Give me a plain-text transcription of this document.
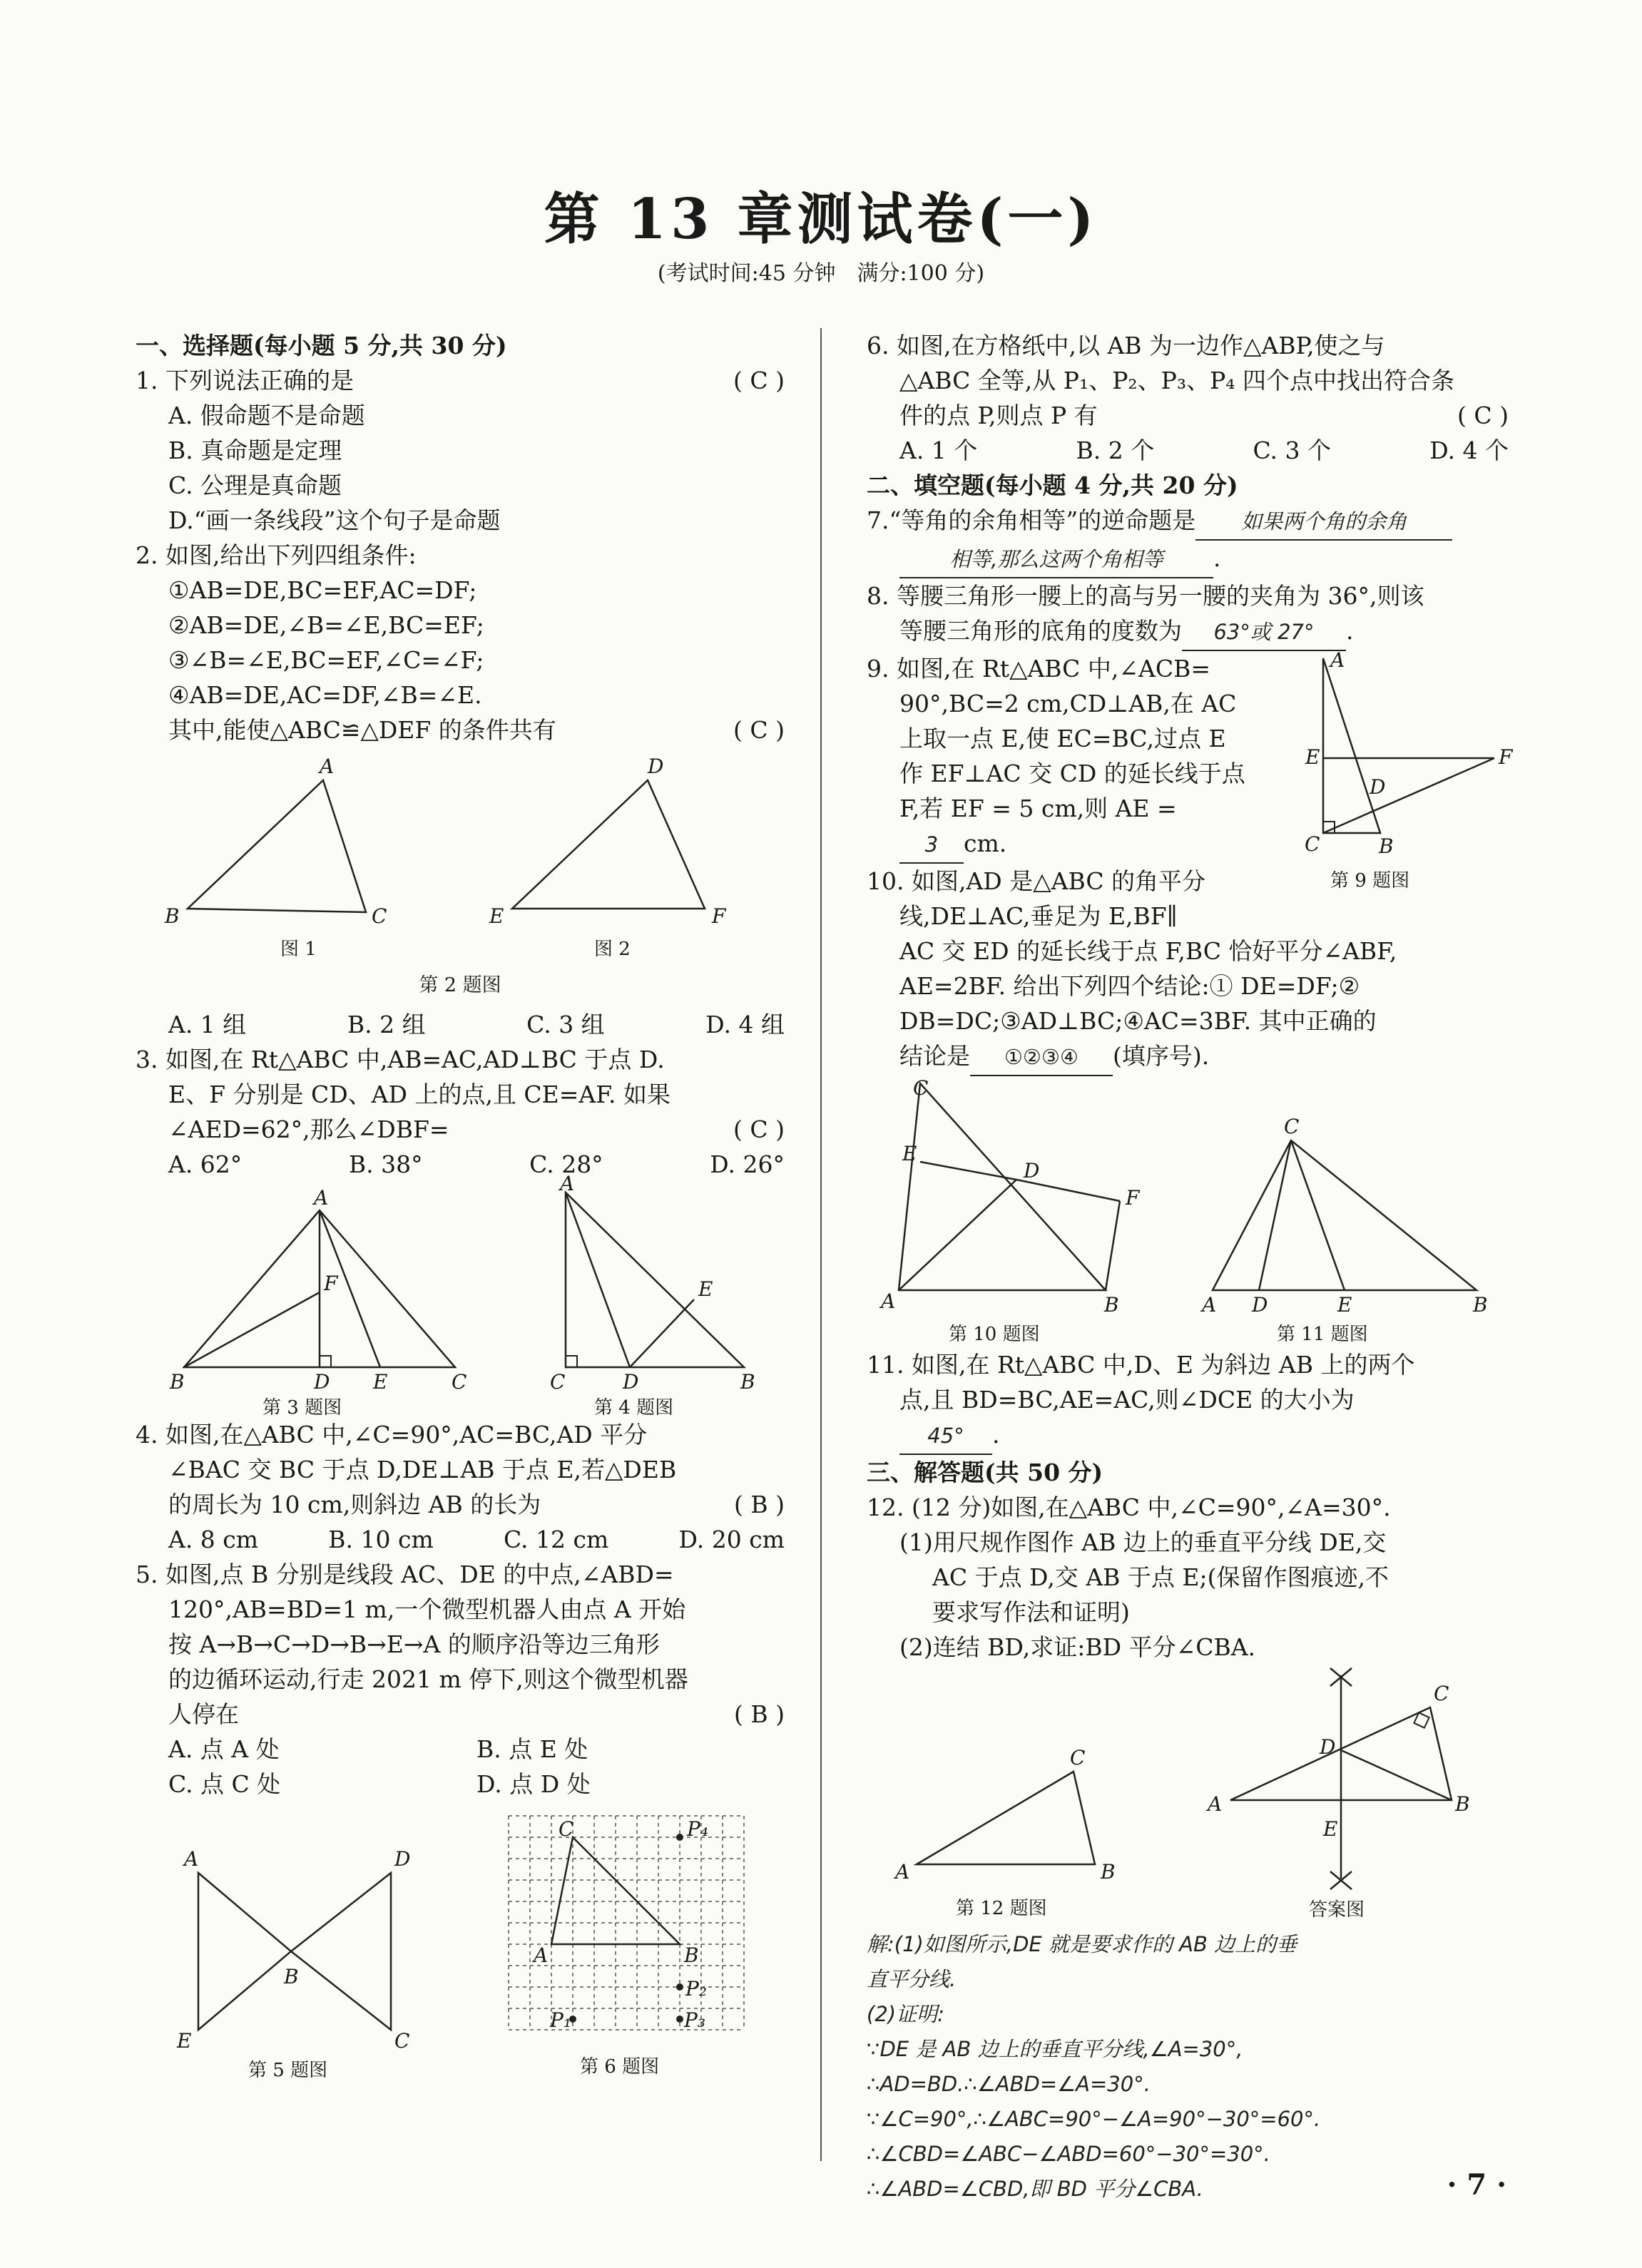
第 13 章测试卷(一)
(考试时间:45 分钟　满分:100 分)
一、选择题(每小题 5 分,共 30 分)
1. 下列说法正确的是	( C )
A. 假命题不是命题
B. 真命题是定理
C. 公理是真命题
D.“画一条线段”这个句子是命题
2. 如图,给出下列四组条件:
①AB=DE,BC=EF,AC=DF;
②AB=DE,∠B=∠E,BC=EF;
③∠B=∠E,BC=EF,∠C=∠F;
④AB=DE,AC=DF,∠B=∠E.
其中,能使△ABC≌△DEF 的条件共有	( C )
B
A
C
图 1
E
D
F
图 2
第 2 题图
A. 1 组	B. 2 组	C. 3 组	D. 4 组
3. 如图,在 Rt△ABC 中,AB=AC,AD⊥BC 于点 D.
E、F 分别是 CD、AD 上的点,且 CE=AF. 如果
∠AED=62°,那么∠DBF=	( C )
A. 62°	B. 38°	C. 28°	D. 26°
A
F
B	D E	C
第 3 题图
A
E
C	D	B
第 4 题图
4. 如图,在△ABC 中,∠C=90°,AC=BC,AD 平分
∠BAC 交 BC 于点 D,DE⊥AB 于点 E,若△DEB
的周长为 10 cm,则斜边 AB 的长为	( B )
A. 8 cm	B. 10 cm	C. 12 cm	D. 20 cm
5. 如图,点 B 分别是线段 AC、DE 的中点,∠ABD=
120°,AB=BD=1 m,一个微型机器人由点 A 开始
按 A→B→C→D→B→E→A 的顺序沿等边三角形
的边循环运动,行走 2021 m 停下,则这个微型机器
人停在	( B )
A. 点 A 处	B. 点 E 处
C. 点 C 处	D. 点 D 处
A	D
B
E	C
第 5 题图
C	P₄
A	B
P₂
P₃
P₁
第 6 题图
6. 如图,在方格纸中,以 AB 为一边作△ABP,使之与
△ABC 全等,从 P₁、P₂、P₃、P₄ 四个点中找出符合条
件的点 P,则点 P 有	( C )
A. 1 个	B. 2 个	C. 3 个	D. 4 个
二、填空题(每小题 4 分,共 20 分)
7.“等角的余角相等”的逆命题是 如果两个角的余角
相等,那么这两个角相等 .
8. 等腰三角形一腰上的高与另一腰的夹角为 36°,则该
等腰三角形的底角的度数为 63°或 27° .
9. 如图,在 Rt△ABC 中,∠ACB=
90°,BC=2 cm,CD⊥AB,在 AC
上取一点 E,使 EC=BC,过点 E
作 EF⊥AC 交 CD 的延长线于点
F,若 EF = 5 cm,则 AE =
3 cm.
A
E	F
D
C	B
第 9 题图
10. 如图,AD 是△ABC 的角平分
线,DE⊥AC,垂足为 E,BF∥
AC 交 ED 的延长线于点 F,BC 恰好平分∠ABF,
AE=2BF. 给出下列四个结论:① DE=DF;②
DB=DC;③AD⊥BC;④AC=3BF. 其中正确的
结论是 ①②③④ (填序号).
C
E
D
F
A	B
第 10 题图
C
A D	E	B
第 11 题图
11. 如图,在 Rt△ABC 中,D、E 为斜边 AB 上的两个
点,且 BD=BC,AE=AC,则∠DCE 的大小为
45° .
三、解答题(共 50 分)
12. (12 分)如图,在△ABC 中,∠C=90°,∠A=30°.
(1)用尺规作图作 AB 边上的垂直平分线 DE,交
AC 于点 D,交 AB 于点 E;(保留作图痕迹,不
要求写作法和证明)
(2)连结 BD,求证:BD 平分∠CBA.
C
A	B
第 12 题图
C
D
A	B
E
答案图
解:(1)如图所示,DE 就是要求作的 AB 边上的垂
直平分线.
(2)证明:
∵DE 是 AB 边上的垂直平分线,∠A=30°,
∴AD=BD.∴∠ABD=∠A=30°.
∵∠C=90°,∴∠ABC=90°−∠A=90°−30°=60°.
∴∠CBD=∠ABC−∠ABD=60°−30°=30°.
∴∠ABD=∠CBD,即 BD 平分∠CBA.	· 7 ·
